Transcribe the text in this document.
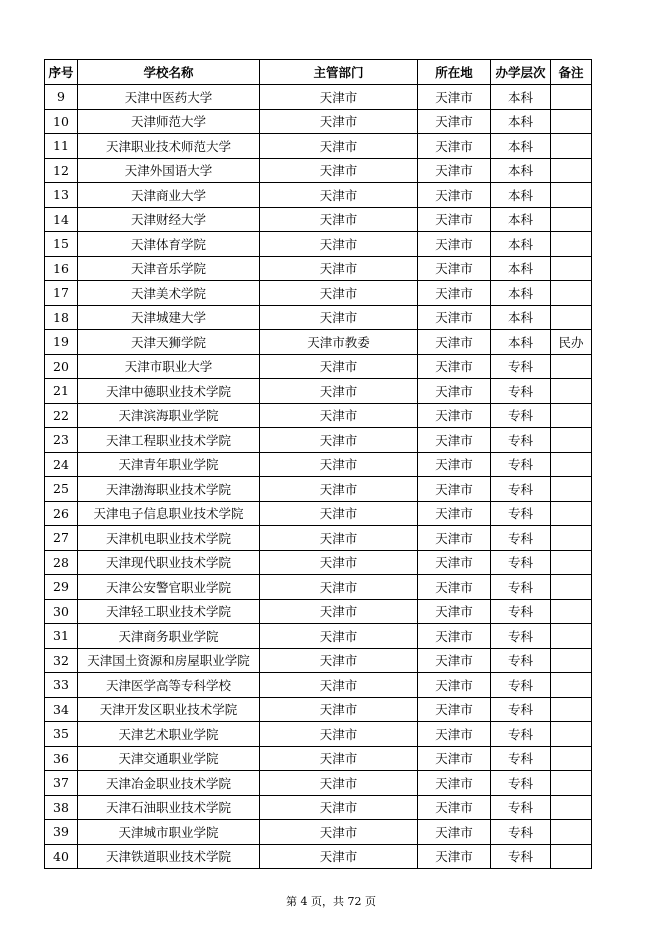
序号	学校名称	主管部门	所在地	办学层次	备注
9	天津中医药大学	天津市	天津市	本科	
10	天津师范大学	天津市	天津市	本科	
11	天津职业技术师范大学	天津市	天津市	本科	
12	天津外国语大学	天津市	天津市	本科	
13	天津商业大学	天津市	天津市	本科	
14	天津财经大学	天津市	天津市	本科	
15	天津体育学院	天津市	天津市	本科	
16	天津音乐学院	天津市	天津市	本科	
17	天津美术学院	天津市	天津市	本科	
18	天津城建大学	天津市	天津市	本科	
19	天津天狮学院	天津市教委	天津市	本科	民办
20	天津市职业大学	天津市	天津市	专科	
21	天津中德职业技术学院	天津市	天津市	专科	
22	天津滨海职业学院	天津市	天津市	专科	
23	天津工程职业技术学院	天津市	天津市	专科	
24	天津青年职业学院	天津市	天津市	专科	
25	天津渤海职业技术学院	天津市	天津市	专科	
26	天津电子信息职业技术学院	天津市	天津市	专科	
27	天津机电职业技术学院	天津市	天津市	专科	
28	天津现代职业技术学院	天津市	天津市	专科	
29	天津公安警官职业学院	天津市	天津市	专科	
30	天津轻工职业技术学院	天津市	天津市	专科	
31	天津商务职业学院	天津市	天津市	专科	
32	天津国土资源和房屋职业学院	天津市	天津市	专科	
33	天津医学高等专科学校	天津市	天津市	专科	
34	天津开发区职业技术学院	天津市	天津市	专科	
35	天津艺术职业学院	天津市	天津市	专科	
36	天津交通职业学院	天津市	天津市	专科	
37	天津冶金职业技术学院	天津市	天津市	专科	
38	天津石油职业技术学院	天津市	天津市	专科	
39	天津城市职业学院	天津市	天津市	专科	
40	天津铁道职业技术学院	天津市	天津市	专科	
第 4 页，共 72 页
